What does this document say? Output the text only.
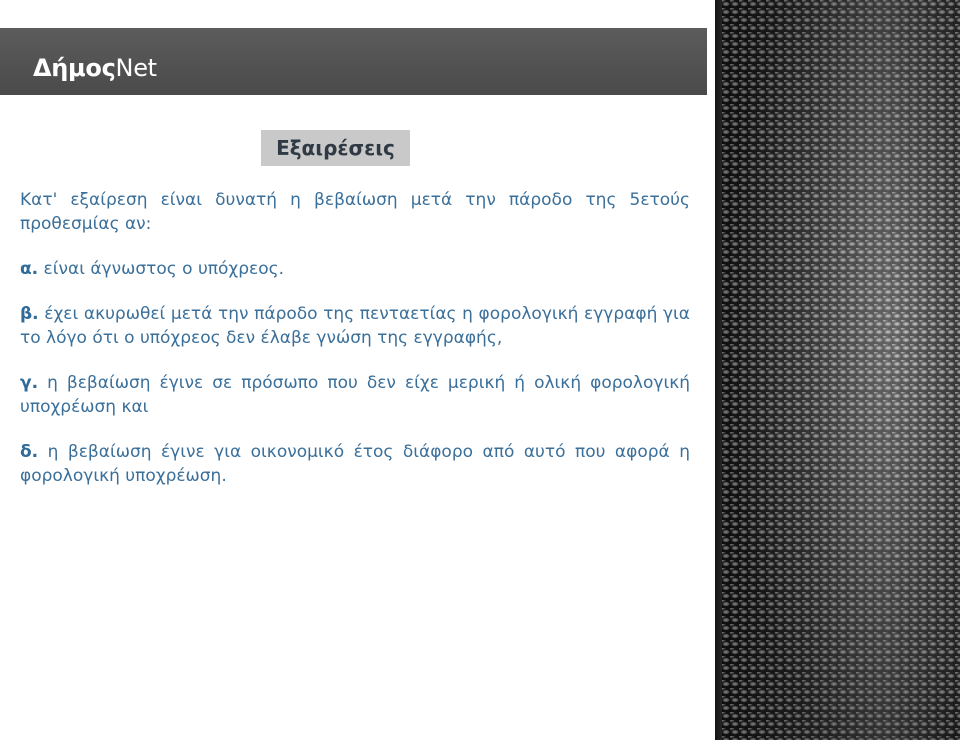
ΔήμοςNet
Εξαιρέσεις

Κατ' εξαίρεση είναι δυνατή η βεβαίωση μετά την πάροδο της 5ετούς προθεσμίας αν:

α. είναι άγνωστος ο υπόχρεος.

β. έχει ακυρωθεί μετά την πάροδο της πενταετίας η φορολογική εγγραφή για το λόγο ότι ο υπόχρεος δεν έλαβε γνώση της εγγραφής,

γ. η βεβαίωση έγινε σε πρόσωπο που δεν είχε μερική ή ολική φορολογική υποχρέωση και

δ. η βεβαίωση έγινε για οικονομικό έτος διάφορο από αυτό που αφορά η φορολογική υποχρέωση.
